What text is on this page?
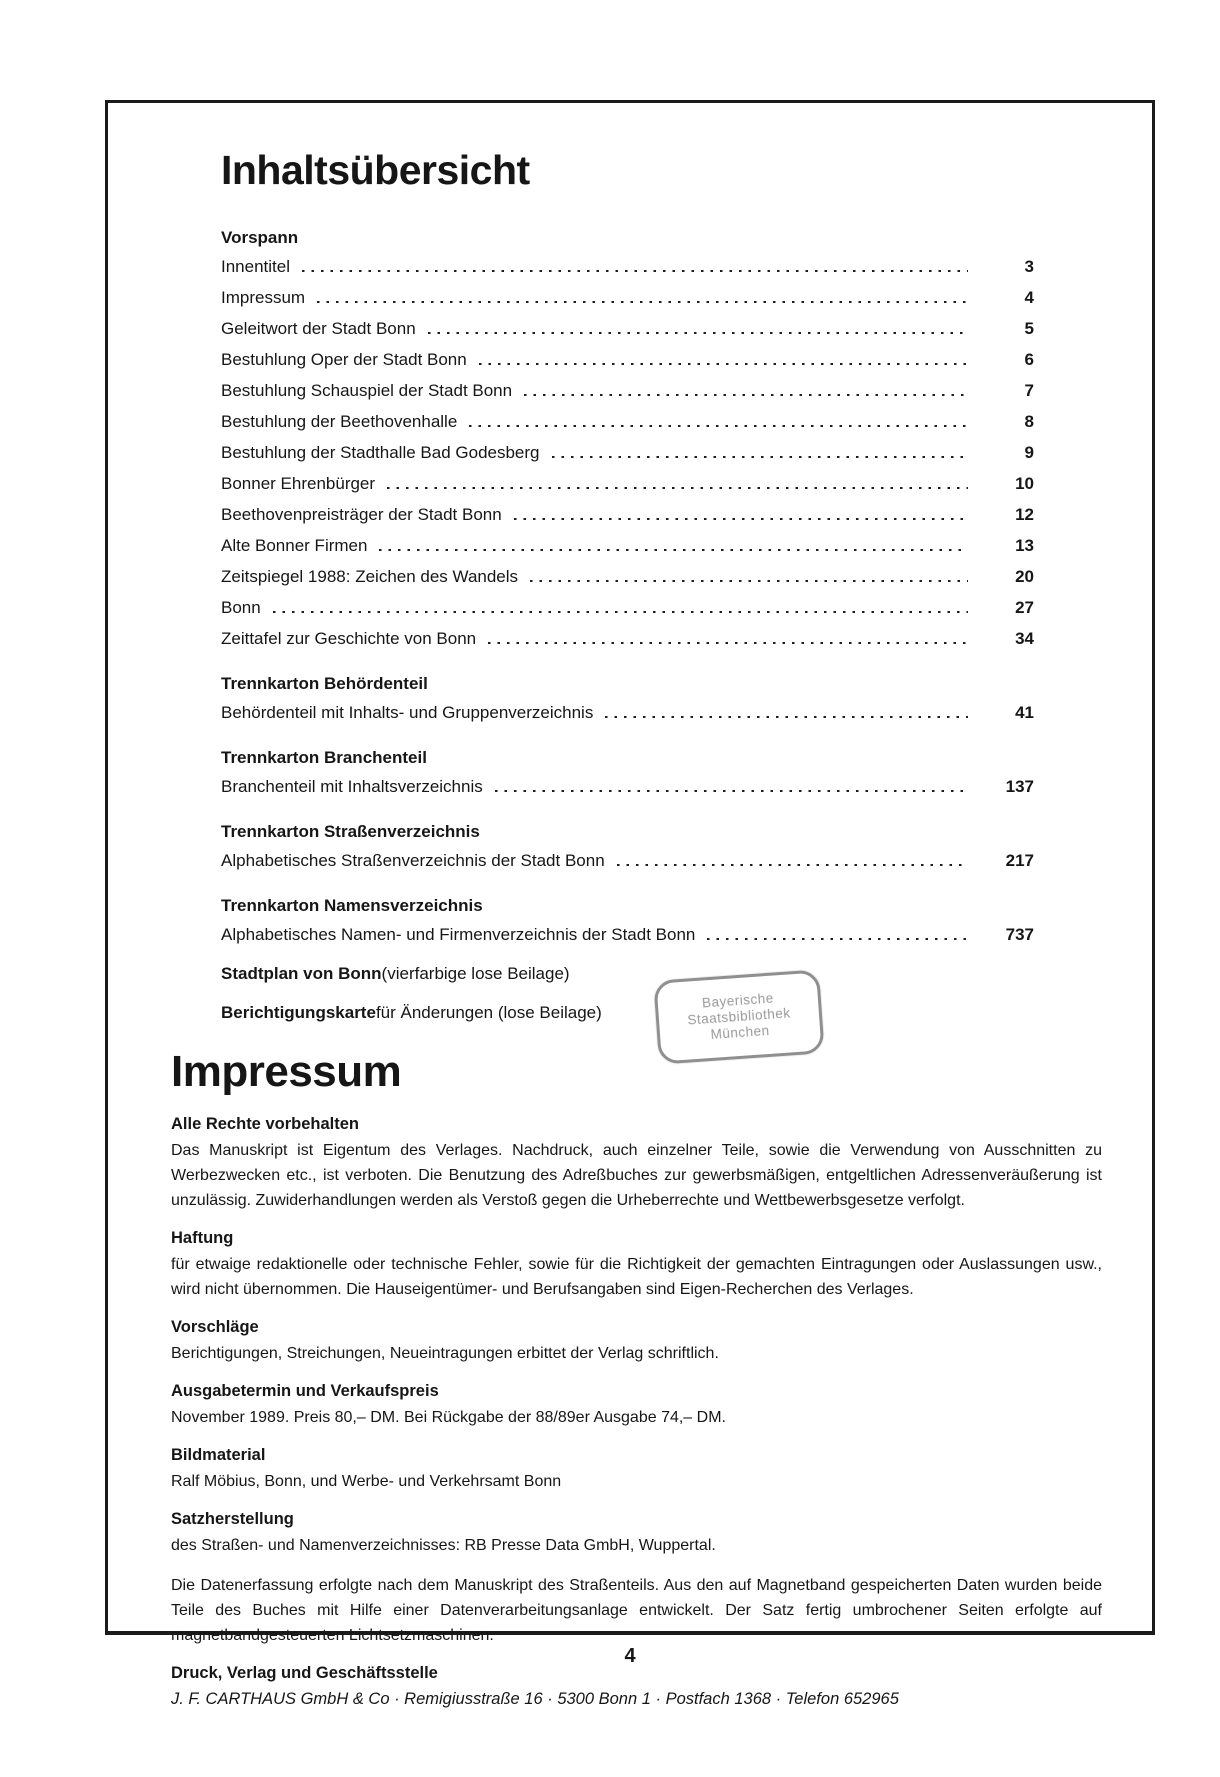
Inhaltsübersicht
Vorspann
Innentitel	3
Impressum	4
Geleitwort der Stadt Bonn	5
Bestuhlung Oper der Stadt Bonn	6
Bestuhlung Schauspiel der Stadt Bonn	7
Bestuhlung der Beethovenhalle	8
Bestuhlung der Stadthalle Bad Godesberg	9
Bonner Ehrenbürger	10
Beethovenpreisträger der Stadt Bonn	12
Alte Bonner Firmen	13
Zeitspiegel 1988: Zeichen des Wandels	20
Bonn	27
Zeittafel zur Geschichte von Bonn	34
Trennkarton Behördenteil
Behördenteil mit Inhalts- und Gruppenverzeichnis	41
Trennkarton Branchenteil
Branchenteil mit Inhaltsverzeichnis	137
Trennkarton Straßenverzeichnis
Alphabetisches Straßenverzeichnis der Stadt Bonn	217
Trennkarton Namensverzeichnis
Alphabetisches Namen- und Firmenverzeichnis der Stadt Bonn	737
Stadtplan von Bonn (vierfarbige lose Beilage)
Berichtigungskarte für Änderungen (lose Beilage)
Bayerische
Staatsbibliothek
München
Impressum
Alle Rechte vorbehalten

Das Manuskript ist Eigentum des Verlages. Nachdruck, auch einzelner Teile, sowie die Verwendung von Ausschnitten zu Werbezwecken etc., ist verboten. Die Benutzung des Adreßbuches zur gewerbsmäßigen, entgeltlichen Adressenveräußerung ist unzulässig. Zuwiderhandlungen werden als Verstoß gegen die Urheberrechte und Wettbewerbsgesetze verfolgt.

Haftung

für etwaige redaktionelle oder technische Fehler, sowie für die Richtigkeit der gemachten Eintragungen oder Auslassungen usw., wird nicht übernommen. Die Hauseigentümer- und Berufsangaben sind Eigen-Recherchen des Verlages.

Vorschläge

Berichtigungen, Streichungen, Neueintragungen erbittet der Verlag schriftlich.

Ausgabetermin und Verkaufspreis

November 1989. Preis 80,– DM. Bei Rückgabe der 88/89er Ausgabe 74,– DM.

Bildmaterial

Ralf Möbius, Bonn, und Werbe- und Verkehrsamt Bonn

Satzherstellung

des Straßen- und Namenverzeichnisses: RB Presse Data GmbH, Wuppertal.

Die Datenerfassung erfolgte nach dem Manuskript des Straßenteils. Aus den auf Magnetband gespeicherten Daten wurden beide Teile des Buches mit Hilfe einer Datenverarbeitungsanlage entwickelt. Der Satz fertig umbrochener Seiten erfolgte auf magnetbandgesteuerten Lichtsetzmaschinen.

Druck, Verlag und Geschäftsstelle

J. F. CARTHAUS GmbH & Co · Remigiusstraße 16 · 5300 Bonn 1 · Postfach 1368 · Telefon 652965

4
